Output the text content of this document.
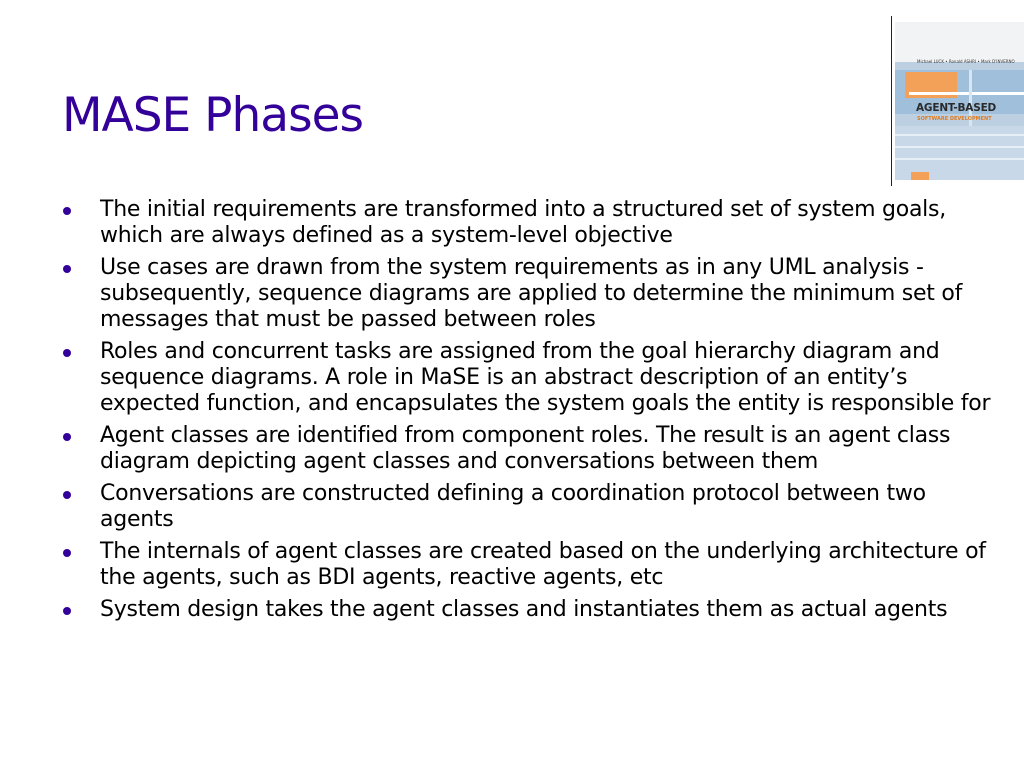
MASE Phases
Michael LUCK • Ronald ASHRI • Mark D'INVERNO
AGENT-BASED
SOFTWARE DEVELOPMENT
The initial requirements are transformed into a structured set of system goals, which are always defined as a system-level objective
Use cases are drawn from the system requirements as in any UML analysis - subsequently, sequence diagrams are applied to determine the minimum set of messages that must be passed between roles
Roles and concurrent tasks are assigned from the goal hierarchy diagram and sequence diagrams. A role in MaSE is an abstract description of an entity’s expected function, and encapsulates the system goals the entity is responsible for
Agent classes are identified from component roles. The result is an agent class diagram depicting agent classes and conversations between them
Conversations are constructed defining a coordination protocol between two agents
The internals of agent classes are created based on the underlying architecture of the agents, such as BDI agents, reactive agents, etc
System design takes the agent classes and instantiates them as actual agents
